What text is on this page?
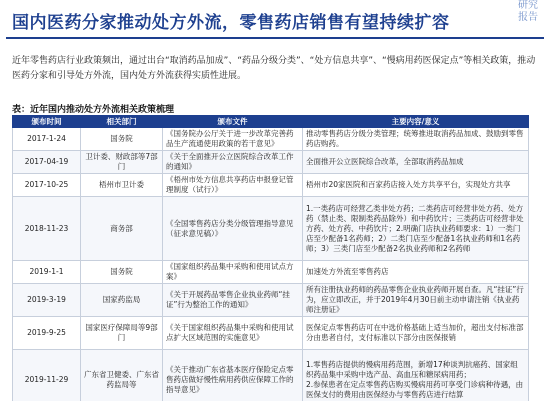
国内医药分家推动处方外流，零售药店销售有望持续扩容
研究
报告
近年零售药店行业政策频出，通过出台“取消药品加成”、“药品分级分类”、“处方信息共享”、“慢病用药医保定点”等相关政策，推动医药分家和引导处方外流，国内处方外流获得实质性进展。
表：近年国内推动处方外流相关政策梳理
颁布时间	相关部门	颁布文件	主要内容/意义
2017-1-24	国务院	《国务院办公厅关于进一步改革完善药品生产流通使用政策的若干意见》	推动零售药店分级分类管理；统筹推进取消药品加成、鼓励到零售药店购药。
2017-04-19	卫计委、财政部等7部门	《关于全面推开公立医院综合改革工作的通知》	全面推开公立医院综合改革，全部取消药品加成
2017-10-25	梧州市卫计委	《梧州市处方信息共享药店申报登记管理制度（试行）》	梧州市20家医院和百家药店接入处方共享平台，实现处方共享
2018-11-23	商务部	《全国零售药店分类分级管理指导意见（征求意见稿）》	1.一类药店可经营乙类非处方药；二类药店可经营非处方药、处方药（禁止类、限制类药品除外）和中药饮片；三类药店可经营非处方药、处方药、中药饮片；2.明确门店执业药师要求：1）一类门店至少配备1名药师；2）二类门店至少配备1名执业药师和1名药师；3）三类门店至少配备2名执业药师和2名药师
2019-1-1	国务院	《国家组织药品集中采购和使用试点方案》	加速处方外流至零售药店
2019-3-19	国家药监局	《关于开展药品零售企业执业药师“挂证”行为整治工作的通知》	所有注册执业药师的药品零售企业执业药师开展自查。凡“挂证”行为，应立即改正，并于2019年4月30日前主动申请注销《执业药师注册证》
2019-9-25	国家医疗保障局等9部门	《关于国家组织药品集中采购和使用试点扩大区域范围的实施意见》	医保定点零售药店可在中选价格基础上适当加价，超出支付标准部分由患者自付，支付标准以下部分由医保报销
2019-11-29	广东省卫健委、广东省药监局等	《关于推动广东省基本医疗保险定点零售药店做好慢性病用药供应保障工作的指导意见》	1.零售药店提供的慢病用药范围，新增17种谈判抗癌药、国家组织药品集中采购中选产品、高血压和糖尿病用药；
2.参保患者在定点零售药店购买慢病用药可享受门诊病种待遇，由医保支付的费用由医保经办与零售药店进行结算
